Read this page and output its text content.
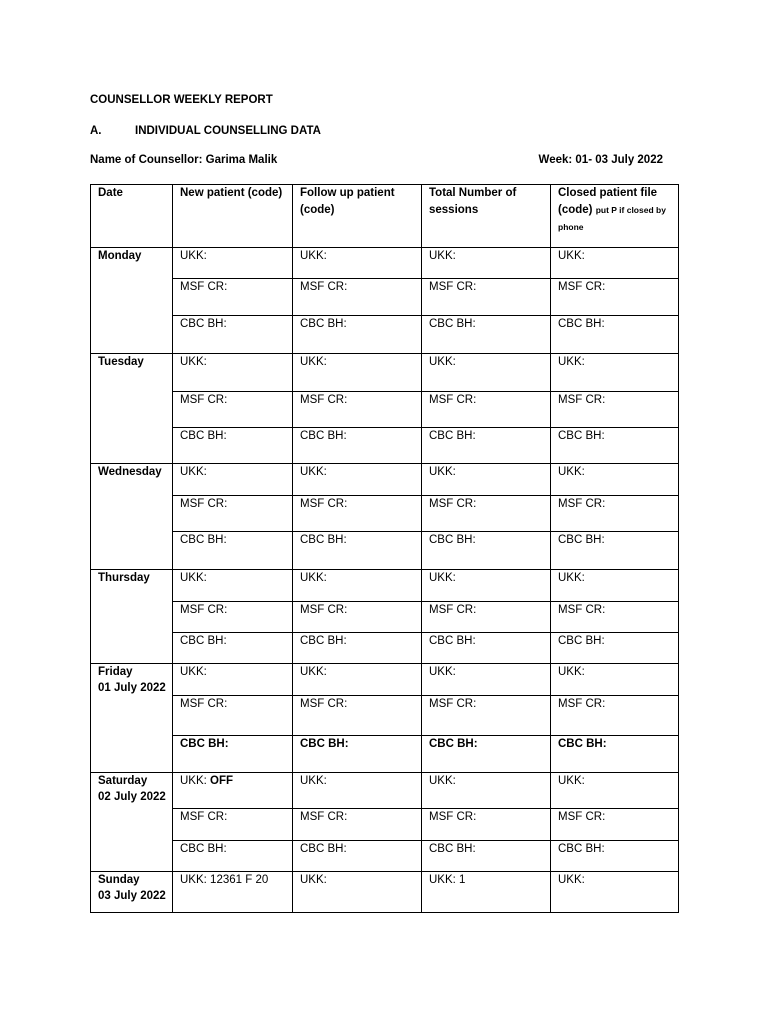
COUNSELLOR WEEKLY REPORT
A.	INDIVIDUAL COUNSELLING DATA
Name of Counsellor: Garima Malik	Week: 01- 03 July 2022
Date	New patient (code)	Follow up patient (code)	Total Number of sessions	Closed patient file (code) put P if closed by phone

Monday	UKK:	UKK:	UKK:	UKK:
	MSF CR:	MSF CR:	MSF CR:	MSF CR:
	CBC BH:	CBC BH:	CBC BH:	CBC BH:

Tuesday	UKK:	UKK:	UKK:	UKK:
	MSF CR:	MSF CR:	MSF CR:	MSF CR:
	CBC BH:	CBC BH:	CBC BH:	CBC BH:

Wednesday	UKK:	UKK:	UKK:	UKK:
	MSF CR:	MSF CR:	MSF CR:	MSF CR:
	CBC BH:	CBC BH:	CBC BH:	CBC BH:

Thursday	UKK:	UKK:	UKK:	UKK:
	MSF CR:	MSF CR:	MSF CR:	MSF CR:
	CBC BH:	CBC BH:	CBC BH:	CBC BH:

Friday
01 July 2022	UKK:	UKK:	UKK:	UKK:
	MSF CR:	MSF CR:	MSF CR:	MSF CR:
	CBC BH:	CBC BH:	CBC BH:	CBC BH:

Saturday
02 July 2022	UKK: OFF	UKK:	UKK:	UKK:
	MSF CR:	MSF CR:	MSF CR:	MSF CR:
	CBC BH:	CBC BH:	CBC BH:	CBC BH:

Sunday
03 July 2022	UKK: 12361 F 20	UKK:	UKK: 1	UKK:
